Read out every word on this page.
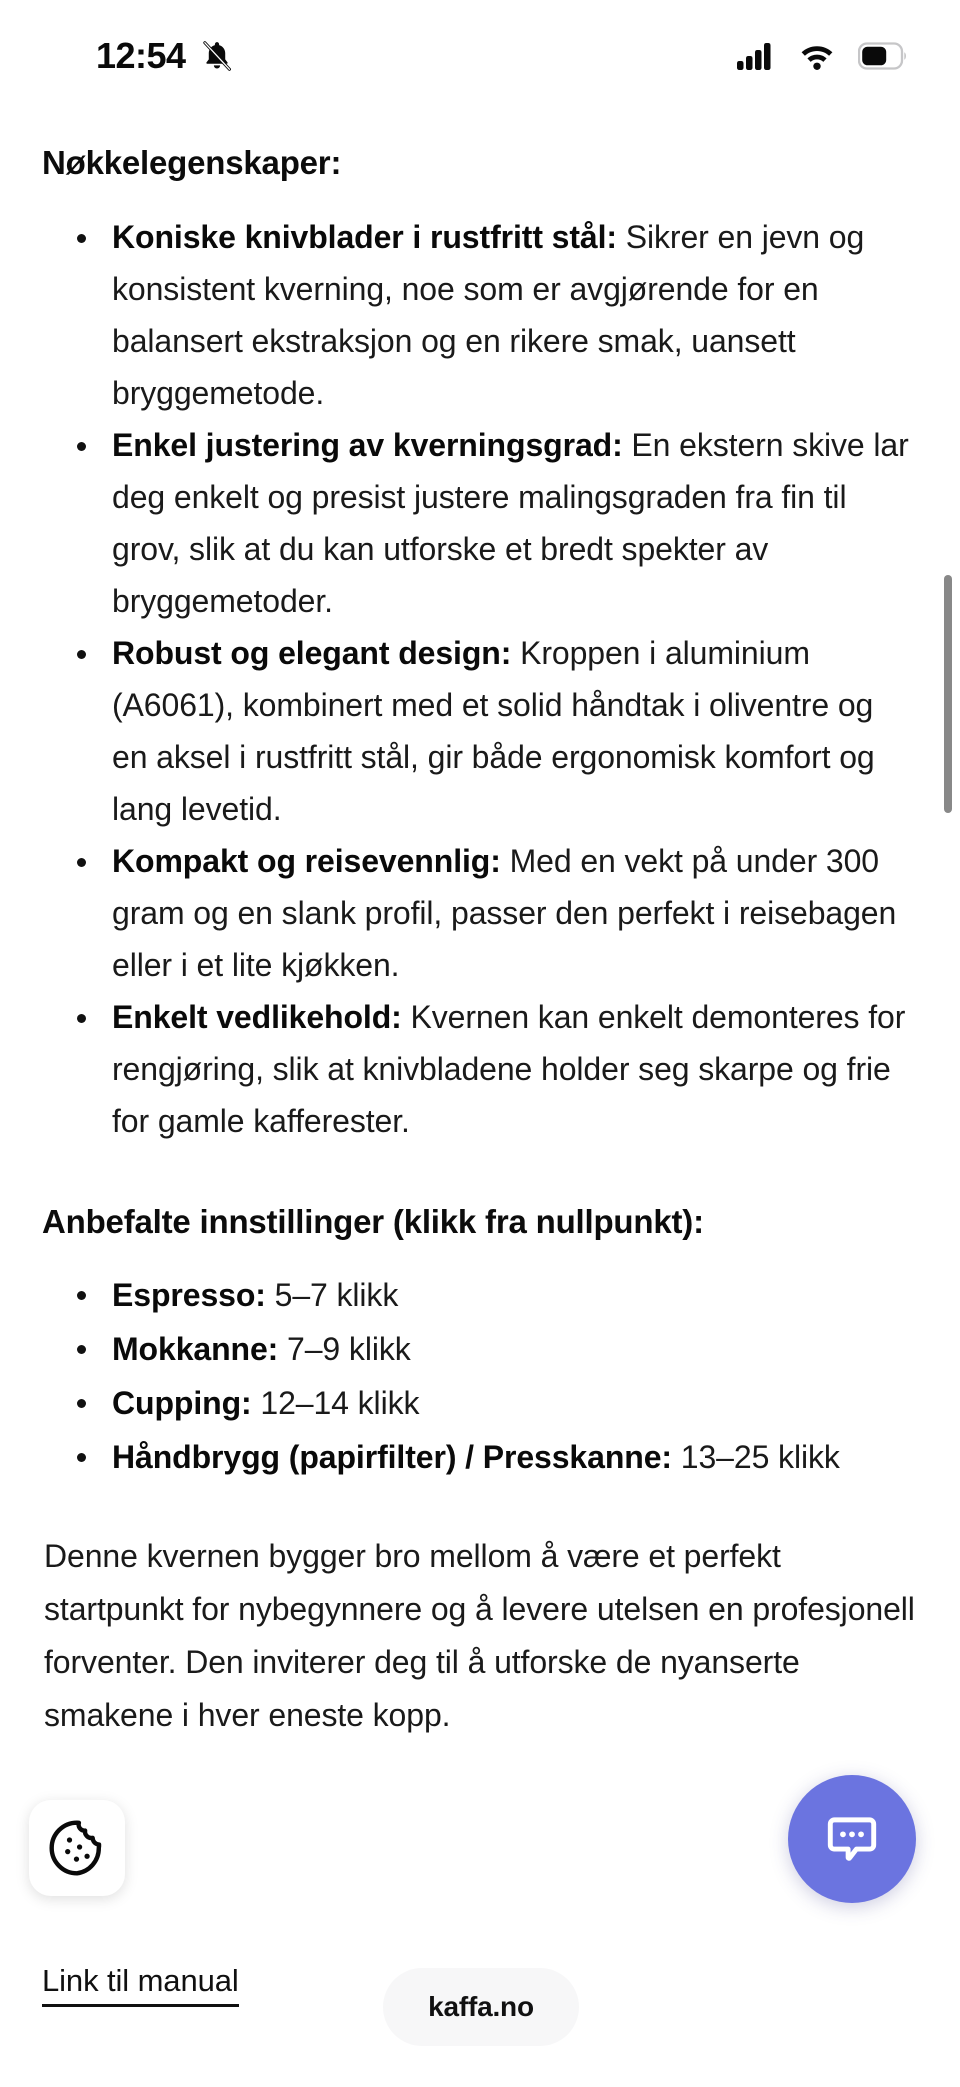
12:54
Nøkkelegenskaper:
Koniske knivblader i rustfritt stål: Sikrer en jevn og konsistent kverning, noe som er avgjørende for en balansert ekstraksjon og en rikere smak, uansett bryggemetode.
Enkel justering av kverningsgrad: En ekstern skive lar deg enkelt og presist justere malingsgraden fra fin til grov, slik at du kan utforske et bredt spekter av bryggemetoder.
Robust og elegant design: Kroppen i aluminium (A6061), kombinert med et solid håndtak i oliventre og en aksel i rustfritt stål, gir både ergonomisk komfort og lang levetid.
Kompakt og reisevennlig: Med en vekt på under 300 gram og en slank profil, passer den perfekt i reisebagen eller i et lite kjøkken.
Enkelt vedlikehold: Kvernen kan enkelt demonteres for rengjøring, slik at knivbladene holder seg skarpe og frie for gamle kafferester.
Anbefalte innstillinger (klikk fra nullpunkt):
Espresso: 5–7 klikk
Mokkanne: 7–9 klikk
Cupping: 12–14 klikk
Håndbrygg (papirfilter) / Presskanne: 13–25 klikk

Denne kvernen bygger bro mellom å være et perfekt startpunkt for nybegynnere og å levere utelsen en profesjonell forventer. Den inviterer deg til å utforske de nyanserte smakene i hver eneste kopp.

Link til manual
kaffa.no
